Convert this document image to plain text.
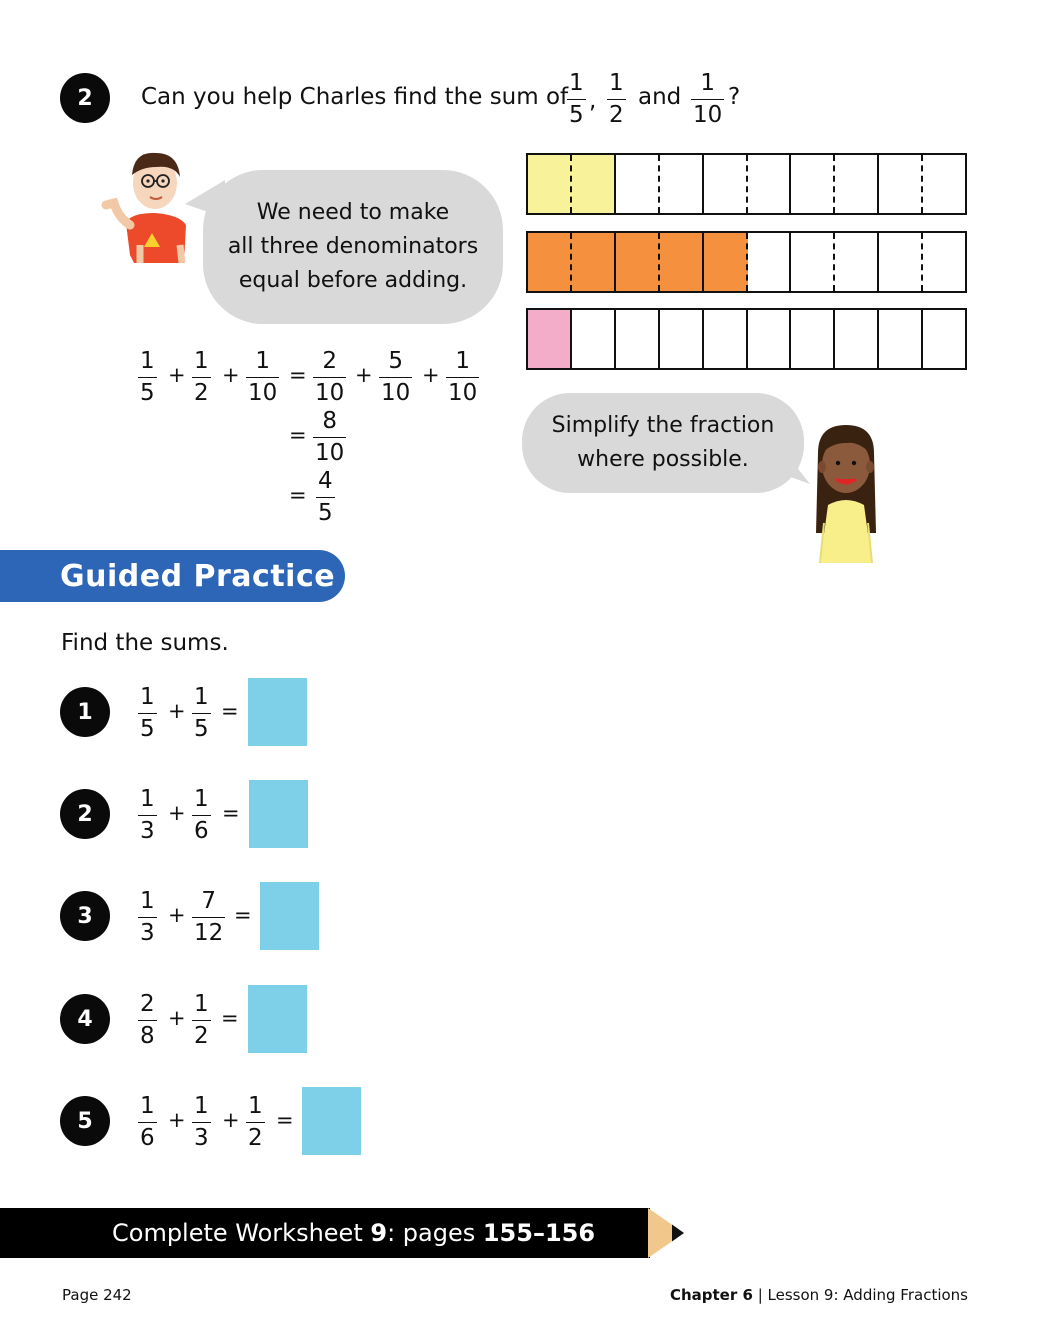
2 Can you help Charles find the sum of
1
5
,
1
2
and
1
10
?
We need to make
all three denominators
equal before adding.
1
5
+
1
2
+
1
10
=
2
10
+
5
10
+
1
10
=
8
10
=
4
5
Simplify the fraction
where possible.
Guided Practice
Find the sums.
1
1
5
+
1
5
=
2
1
3
+
1
6
=
3
1
3
+
7
12
=
4
2
8
+
1
2
=
5
1
6
+
1
3
+
1
2
=
Complete Worksheet 9: pages 155–156
Page 242	Chapter 6 | Lesson 9: Adding Fractions
